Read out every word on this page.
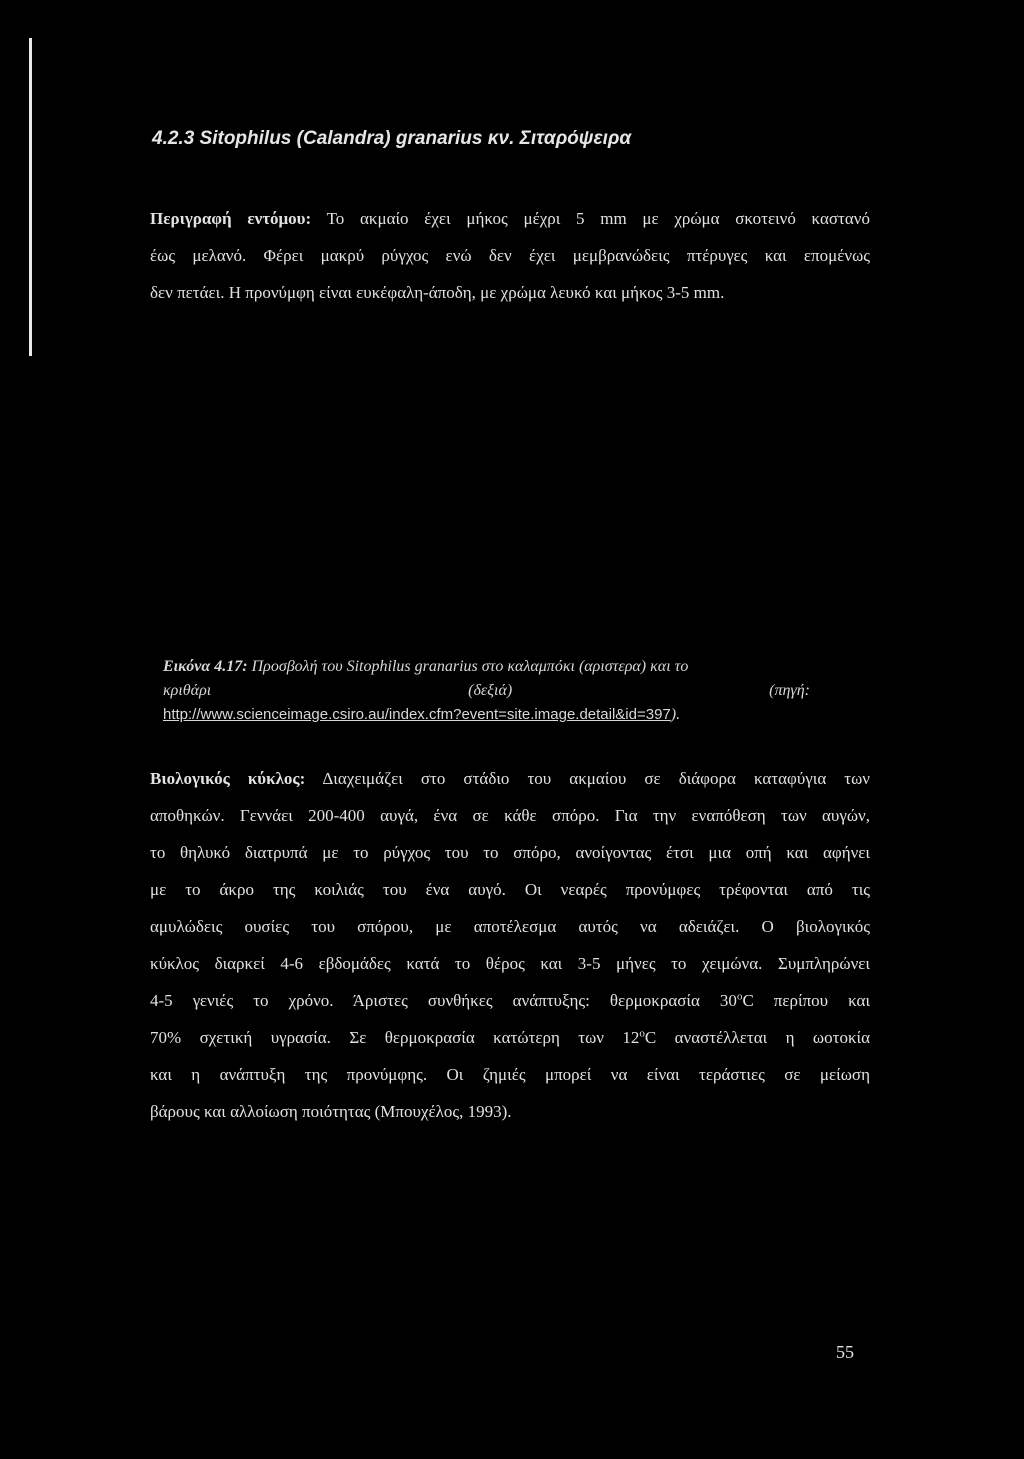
4.2.3 Sitophilus (Calandra) granarius κν. Σιταρόψειρα
Περιγραφή εντόμου: Το ακμαίο έχει μήκος μέχρι 5 mm με χρώμα σκοτεινό καστανό
έως μελανό. Φέρει μακρύ ρύγχος ενώ δεν έχει μεμβρανώδεις πτέρυγες και επομένως
δεν πετάει. Η προνύμφη είναι ευκέφαλη-άποδη, με χρώμα λευκό και μήκος 3-5 mm.
Εικόνα 4.17: Προσβολή του Sitophilus granarius στο καλαμπόκι (αριστερα) και το
κριθάρι	(δεξιά)	(πηγή:
http://www.scienceimage.csiro.au/index.cfm?event=site.image.detail&id=397).
Βιολογικός κύκλος: Διαχειμάζει στο στάδιο του ακμαίου σε διάφορα καταφύγια των
αποθηκών. Γεννάει 200-400 αυγά, ένα σε κάθε σπόρο. Για την εναπόθεση των αυγών,
το θηλυκό διατρυπά με το ρύγχος του το σπόρο, ανοίγοντας έτσι μια οπή και αφήνει
με το άκρο της κοιλιάς του ένα αυγό. Οι νεαρές προνύμφες τρέφονται από τις
αμυλώδεις ουσίες του σπόρου, με αποτέλεσμα αυτός να αδειάζει. Ο βιολογικός
κύκλος διαρκεί 4-6 εβδομάδες κατά το θέρος και 3-5 μήνες το χειμώνα. Συμπληρώνει
4-5 γενιές το χρόνο. Άριστες συνθήκες ανάπτυξης: θερμοκρασία 30$^o$C περίπου και
70% σχετική υγρασία. Σε θερμοκρασία κατώτερη των 12$^o$C αναστέλλεται η ωοτοκία
και η ανάπτυξη της προνύμφης. Οι ζημιές μπορεί να είναι τεράστιες σε μείωση
βάρους και αλλοίωση ποιότητας (Μπουχέλος, 1993).
55
